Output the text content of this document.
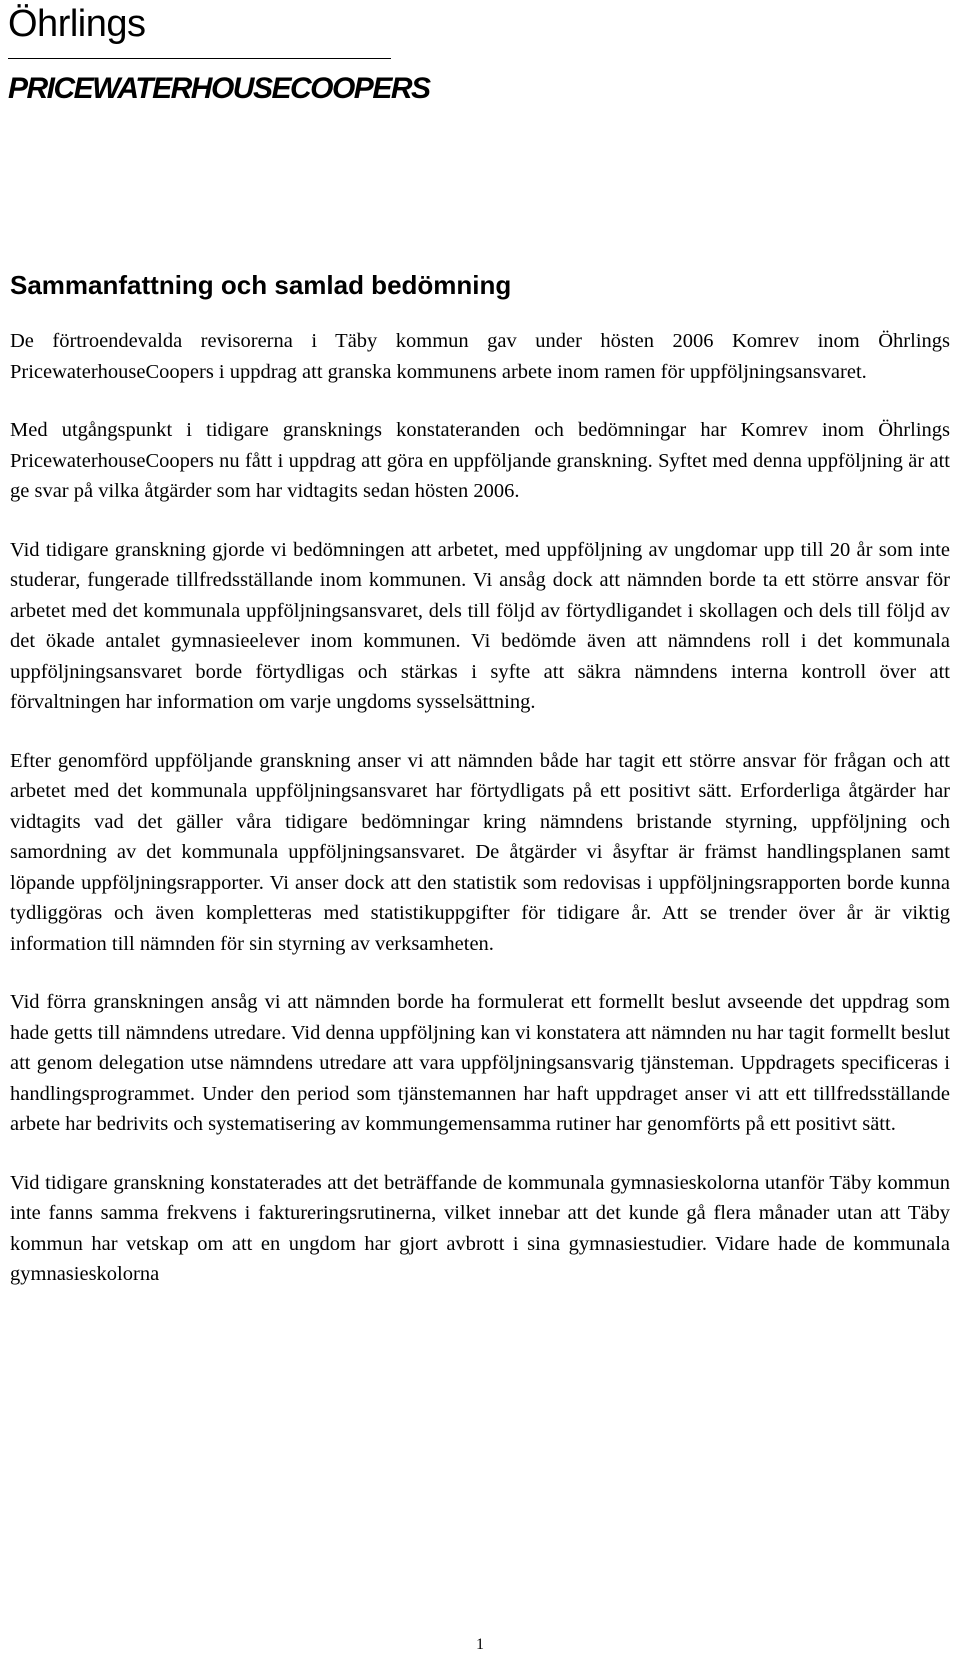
Öhrlings
PRICEWATERHOUSECOOPERS
Sammanfattning och samlad bedömning

De förtroendevalda revisorerna i Täby kommun gav under hösten 2006 Komrev inom Öhrlings PricewaterhouseCoopers i uppdrag att granska kommunens arbete inom ramen för uppföljningsansvaret.

Med utgångspunkt i tidigare gransknings konstateranden och bedömningar har Komrev inom Öhrlings PricewaterhouseCoopers nu fått i uppdrag att göra en uppföljande granskning. Syftet med denna uppföljning är att ge svar på vilka åtgärder som har vidtagits sedan hösten 2006.

Vid tidigare granskning gjorde vi bedömningen att arbetet, med uppföljning av ungdomar upp till 20 år som inte studerar, fungerade tillfredsställande inom kommunen. Vi ansåg dock att nämnden borde ta ett större ansvar för arbetet med det kommunala uppföljningsansvaret, dels till följd av förtydligandet i skollagen och dels till följd av det ökade antalet gymnasieelever inom kommunen. Vi bedömde även att nämndens roll i det kommunala uppföljningsansvaret borde förtydligas och stärkas i syfte att säkra nämndens interna kontroll över att förvaltningen har information om varje ungdoms sysselsättning.

Efter genomförd uppföljande granskning anser vi att nämnden både har tagit ett större ansvar för frågan och att arbetet med det kommunala uppföljningsansvaret har förtydligats på ett positivt sätt. Erforderliga åtgärder har vidtagits vad det gäller våra tidigare bedömningar kring nämndens bristande styrning, uppföljning och samordning av det kommunala uppföljningsansvaret. De åtgärder vi åsyftar är främst handlingsplanen samt löpande uppföljningsrapporter. Vi anser dock att den statistik som redovisas i uppföljningsrapporten borde kunna tydliggöras och även kompletteras med statistikuppgifter för tidigare år. Att se trender över år är viktig information till nämnden för sin styrning av verksamheten.

Vid förra granskningen ansåg vi att nämnden borde ha formulerat ett formellt beslut avseende det uppdrag som hade getts till nämndens utredare. Vid denna uppföljning kan vi konstatera att nämnden nu har tagit formellt beslut att genom delegation utse nämndens utredare att vara uppföljningsansvarig tjänsteman. Uppdragets specificeras i handlingsprogrammet. Under den period som tjänstemannen har haft uppdraget anser vi att ett tillfredsställande arbete har bedrivits och systematisering av kommungemensamma rutiner har genomförts på ett positivt sätt.

Vid tidigare granskning konstaterades att det beträffande de kommunala gymnasieskolorna utanför Täby kommun inte fanns samma frekvens i faktureringsrutinerna, vilket innebar att det kunde gå flera månader utan att Täby kommun har vetskap om att en ungdom har gjort avbrott i sina gymnasiestudier. Vidare hade de kommunala gymnasieskolorna

1
